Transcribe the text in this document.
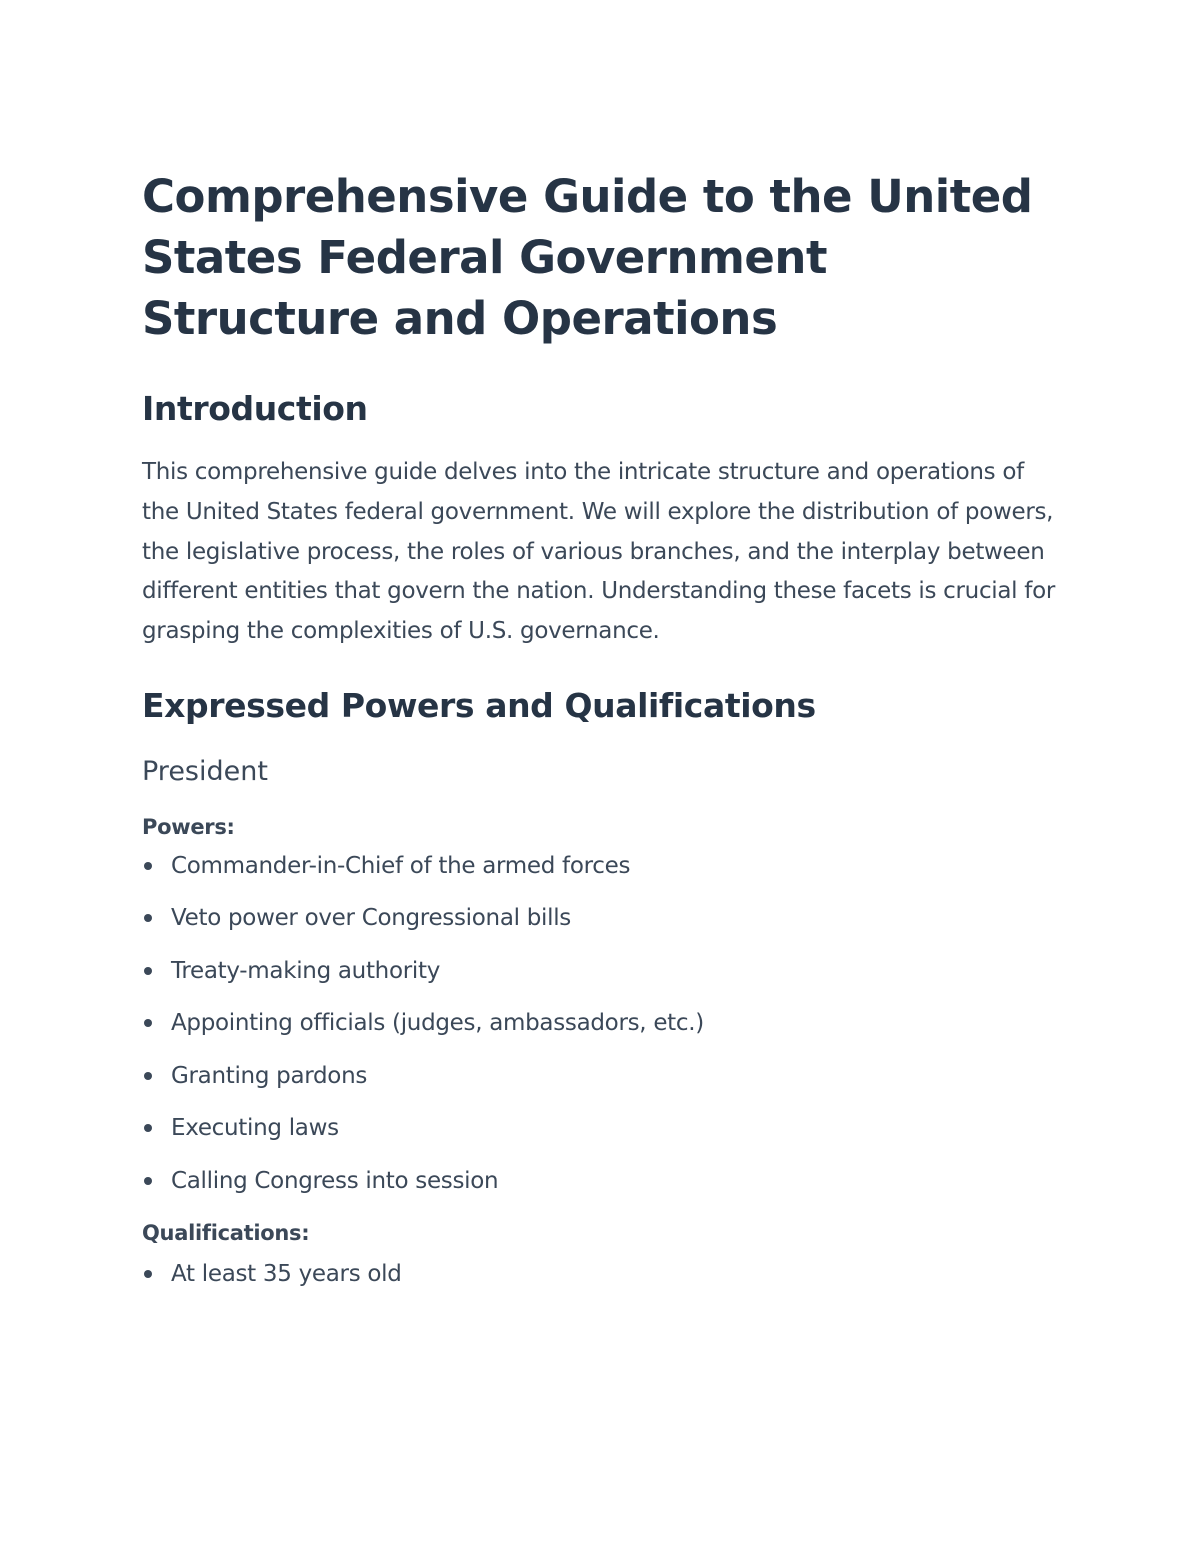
Comprehensive Guide to the United States Federal Government Structure and Operations
Introduction

This comprehensive guide delves into the intricate structure and operations of the United States federal government. We will explore the distribution of powers, the legislative process, the roles of various branches, and the interplay between different entities that govern the nation. Understanding these facets is crucial for grasping the complexities of U.S. governance.

Expressed Powers and Qualifications
President
Powers:
Commander-in-Chief of the armed forces
Veto power over Congressional bills
Treaty-making authority
Appointing officials (judges, ambassadors, etc.)
Granting pardons
Executing laws
Calling Congress into session
Qualifications:
At least 35 years old
